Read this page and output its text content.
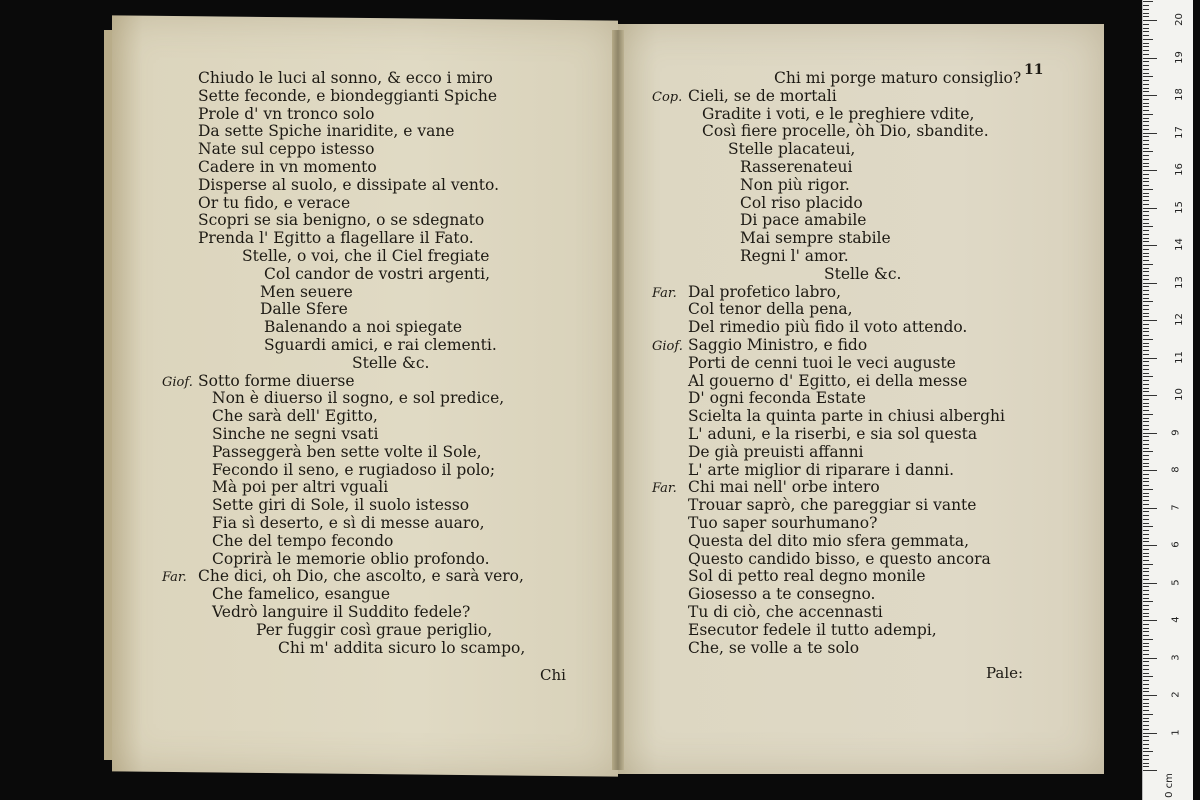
Chiudo le luci al sonno, & ecco i miro
Sette feconde, e biondeggianti Spiche
Prole d' vn tronco solo
Da sette Spiche inaridite, e vane
Nate sul ceppo istesso
Cadere in vn momento
Disperse al suolo, e dissipate al vento.
Or tu fido, e verace
Scopri se sia benigno, o se sdegnato
Prenda l' Egitto a flagellare il Fato.
Stelle, o voi, che il Ciel fregiate
Col candor de vostri argenti,
Men seuere
Dalle Sfere
Balenando a noi spiegate
Sguardi amici, e rai clementi.
Stelle &c.
Giof. Sotto forme diuerse
Non è diuerso il sogno, e sol predice,
Che sarà dell' Egitto,
Sinche ne segni vsati
Passeggerà ben sette volte il Sole,
Fecondo il seno, e rugiadoso il polo;
Mà poi per altri vguali
Sette giri di Sole, il suolo istesso
Fia sì deserto, e sì di messe auaro,
Che del tempo fecondo
Coprirà le memorie oblio profondo.
Far. Che dici, oh Dio, che ascolto, e sarà vero,
Che famelico, esangue
Vedrò languire il Suddito fedele?
Per fuggir così graue periglio,
Chi m' addita sicuro lo scampo,
Chi
11
Chi mi porge maturo consiglio?
Cop. Cieli, se de mortali
Gradite i voti, e le preghiere vdite,
Così fiere procelle, òh Dio, sbandite.
Stelle placateui,
Rasserenateui
Non più rigor.
Col riso placido
Di pace amabile
Mai sempre stabile
Regni l' amor.
Stelle &c.
Far. Dal profetico labro,
Col tenor della pena,
Del rimedio più fido il voto attendo.
Giof. Saggio Ministro, e fido
Porti de cenni tuoi le veci auguste
Al gouerno d' Egitto, ei della messe
D' ogni feconda Estate
Scielta la quinta parte in chiusi alberghi
L' aduni, e la riserbi, e sia sol questa
De già preuisti affanni
L' arte miglior di riparare i danni.
Far. Chi mai nell' orbe intero
Trouar saprò, che pareggiar si vante
Tuo saper sourhumano?
Questa del dito mio sfera gemmata,
Questo candido bisso, e questo ancora
Sol di petto real degno monile
Giosesso a te consegno.
Tu di ciò, che accennasti
Esecutor fedele il tutto adempi,
Che, se volle a te solo
Pale:
0 cm
1
2
3
4
5
6
7
8
9
10
11
12
13
14
15
16
17
18
19
20
